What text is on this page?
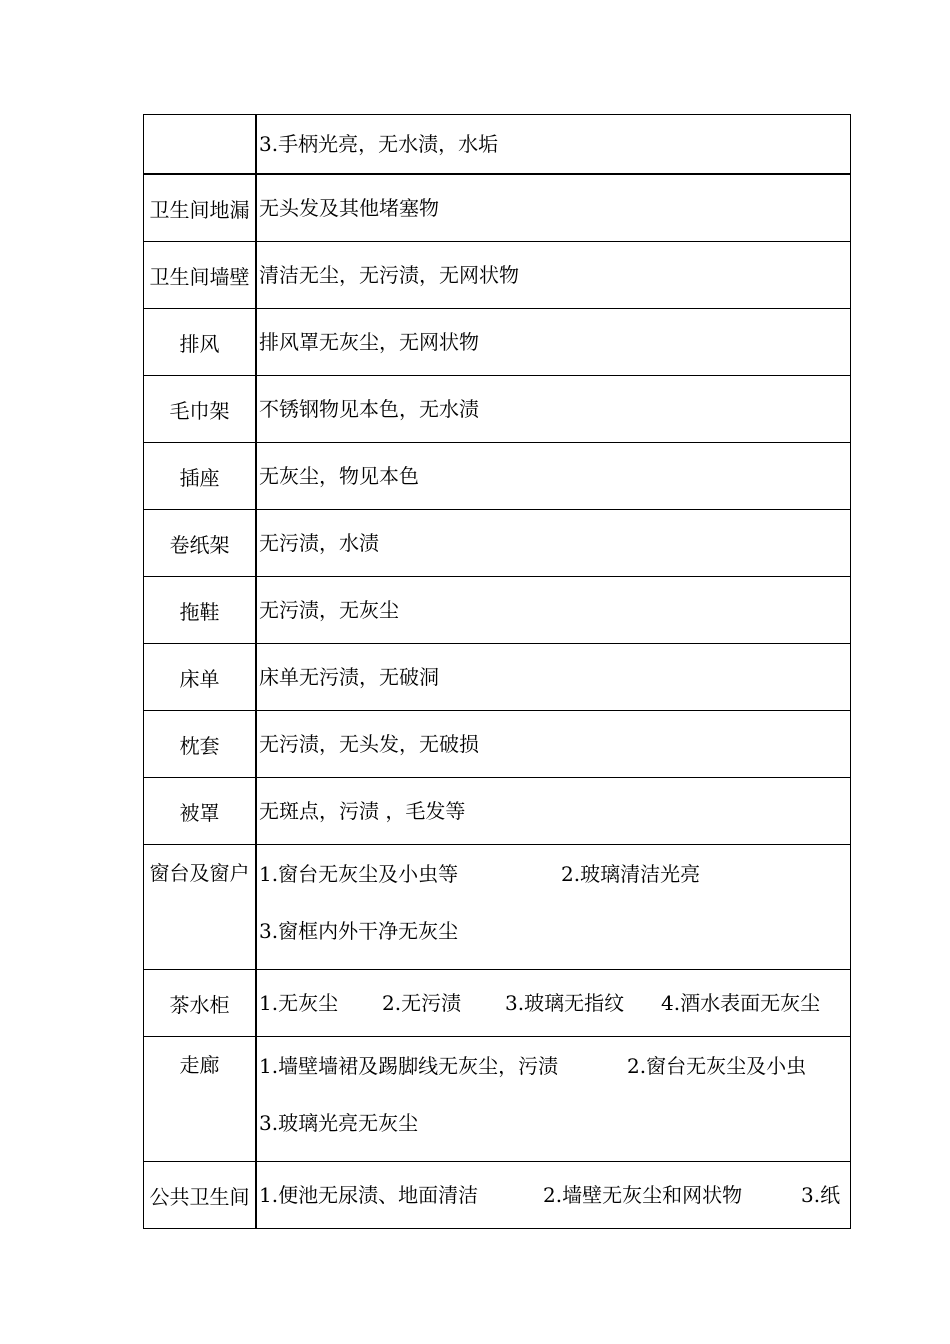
3.手柄光亮，无水渍，水垢
卫生间地漏 无头发及其他堵塞物
卫生间墙壁 清洁无尘，无污渍，无网状物
排风	排风罩无灰尘，无网状物
毛巾架	不锈钢物见本色，无水渍
插座	无灰尘，物见本色
卷纸架	无污渍，水渍
拖鞋	无污渍，无灰尘
床单	床单无污渍，无破洞
枕套	无污渍，无头发，无破损
被罩	无斑点，污渍 ，毛发等
窗台及窗户 1.窗台无灰尘及小虫等	2.玻璃清洁光亮
3.窗框内外干净无灰尘
茶水柜	1.无灰尘	2.无污渍	3.玻璃无指纹	4.酒水表面无灰尘
走廊	1.墙壁墙裙及踢脚线无灰尘，污渍	2.窗台无灰尘及小虫
3.玻璃光亮无灰尘
公共卫生间 1.便池无尿渍、地面清洁	2.墙壁无灰尘和网状物	3.纸
